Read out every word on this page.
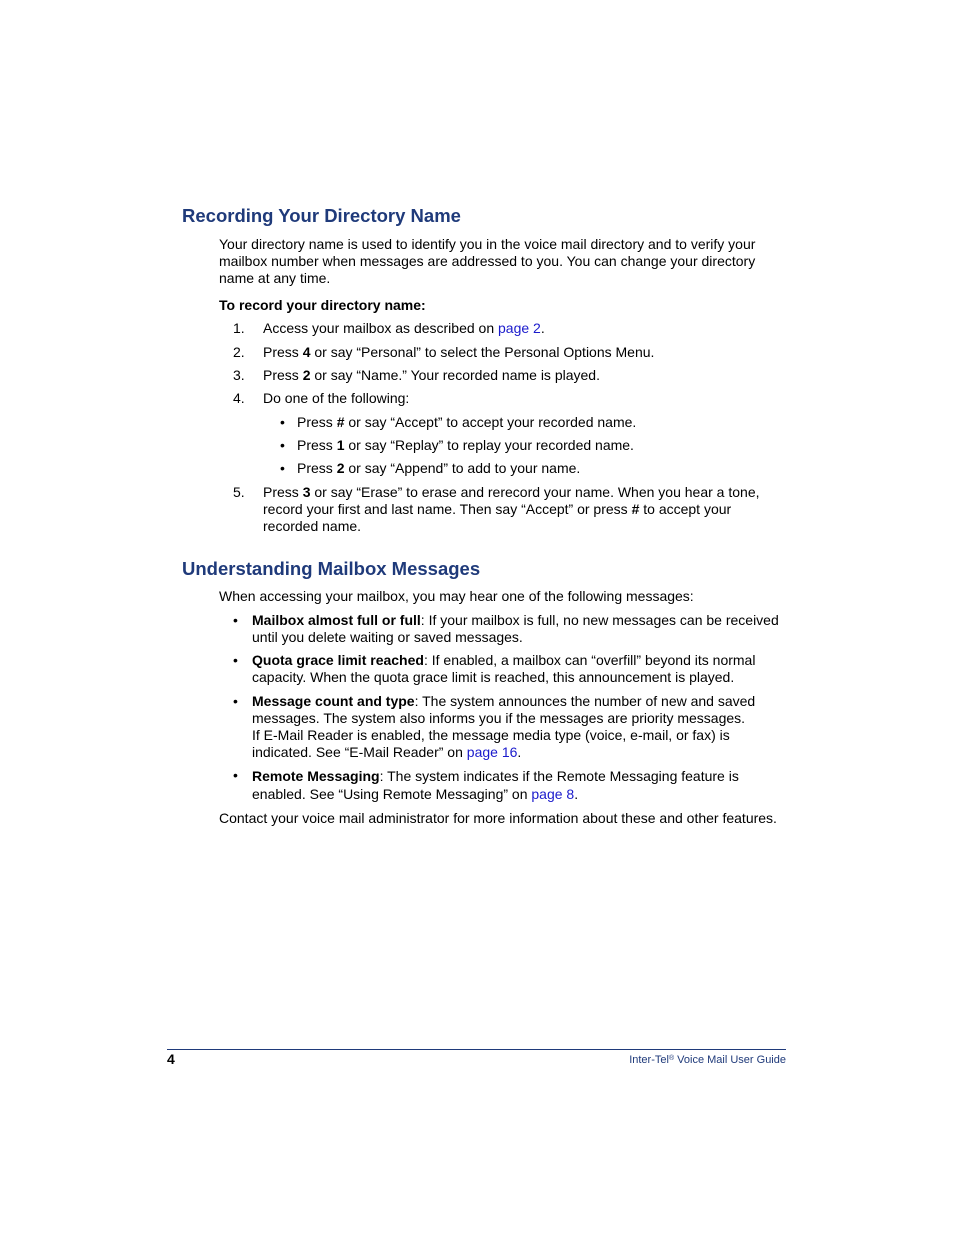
Recording Your Directory Name
Your directory name is used to identify you in the voice mail directory and to verify your mailbox number when messages are addressed to you. You can change your directory name at any time.
To record your directory name:
1. Access your mailbox as described on page 2.
2. Press 4 or say “Personal” to select the Personal Options Menu.
3. Press 2 or say “Name.” Your recorded name is played.
4. Do one of the following:
• Press # or say “Accept” to accept your recorded name.
• Press 1 or say “Replay” to replay your recorded name.
• Press 2 or say “Append” to add to your name.
5. Press 3 or say “Erase” to erase and rerecord your name. When you hear a tone, record your first and last name. Then say “Accept” or press # to accept your recorded name.
Understanding Mailbox Messages
When accessing your mailbox, you may hear one of the following messages:
• Mailbox almost full or full: If your mailbox is full, no new messages can be received until you delete waiting or saved messages.
• Quota grace limit reached: If enabled, a mailbox can “overfill” beyond its normal capacity. When the quota grace limit is reached, this announcement is played.
• Message count and type: The system announces the number of new and saved messages. The system also informs you if the messages are priority messages.
If E-Mail Reader is enabled, the message media type (voice, e-mail, or fax) is indicated. See “E-Mail Reader” on page 16.
• Remote Messaging: The system indicates if the Remote Messaging feature is enabled. See “Using Remote Messaging” on page 8.
Contact your voice mail administrator for more information about these and other features.
4	Inter-Tel® Voice Mail User Guide
